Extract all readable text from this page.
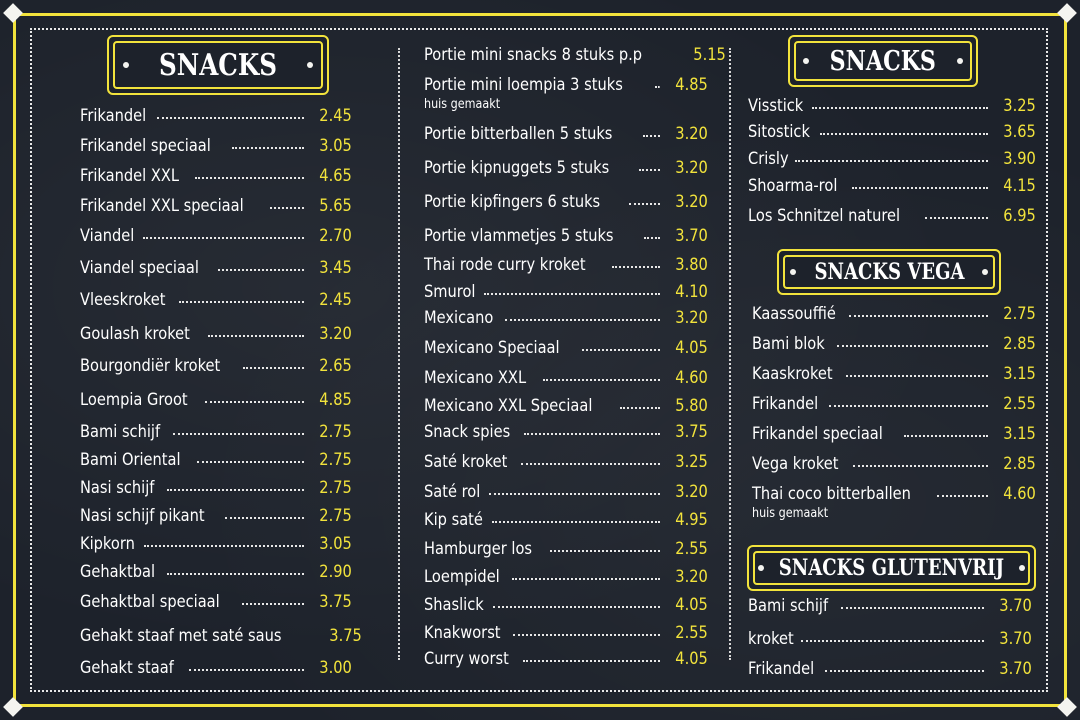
SNACKS	SNACKS
SNACKS VEGA
SNACKS GLUTENVRIJ
Frikandel	2.45
Frikandel speciaal	3.05
Frikandel XXL	4.65
Frikandel XXL speciaal	5.65
Viandel	2.70
Viandel speciaal	3.45
Vleeskroket	2.45
Goulash kroket	3.20
Bourgondiër kroket	2.65
Loempia Groot	4.85
Bami schijf	2.75
Bami Oriental	2.75
Nasi schijf	2.75
Nasi schijf pikant	2.75
Kipkorn	3.05
Gehaktbal	2.90
Gehaktbal speciaal	3.75
Gehakt staaf met saté saus	3.75
Gehakt staaf	3.00
Portie mini snacks 8 stuks p.p	5.15
Portie mini loempia 3 stuks	4.85
huis gemaakt
Portie bitterballen 5 stuks	3.20
Portie kipnuggets 5 stuks	3.20
Portie kipfingers 6 stuks	3.20
Portie vlammetjes 5 stuks	3.70
Thai rode curry kroket	3.80
Smurol	4.10
Mexicano	3.20
Mexicano Speciaal	4.05
Mexicano XXL	4.60
Mexicano XXL Speciaal	5.80
Snack spies	3.75
Saté kroket	3.25
Saté rol	3.20
Kip saté	4.95
Hamburger los	2.55
Loempidel	3.20
Shaslick	4.05
Knakworst	2.55
Curry worst	4.05
Visstick	3.25
Sitostick	3.65
Crisly	3.90
Shoarma-rol	4.15
Los Schnitzel naturel	6.95
Kaassouffié	2.75
Bami blok	2.85
Kaaskroket	3.15
Frikandel	2.55
Frikandel speciaal	3.15
Vega kroket	2.85
Thai coco bitterballen	4.60
huis gemaakt
Bami schijf	3.70
kroket	3.70
Frikandel	3.70
